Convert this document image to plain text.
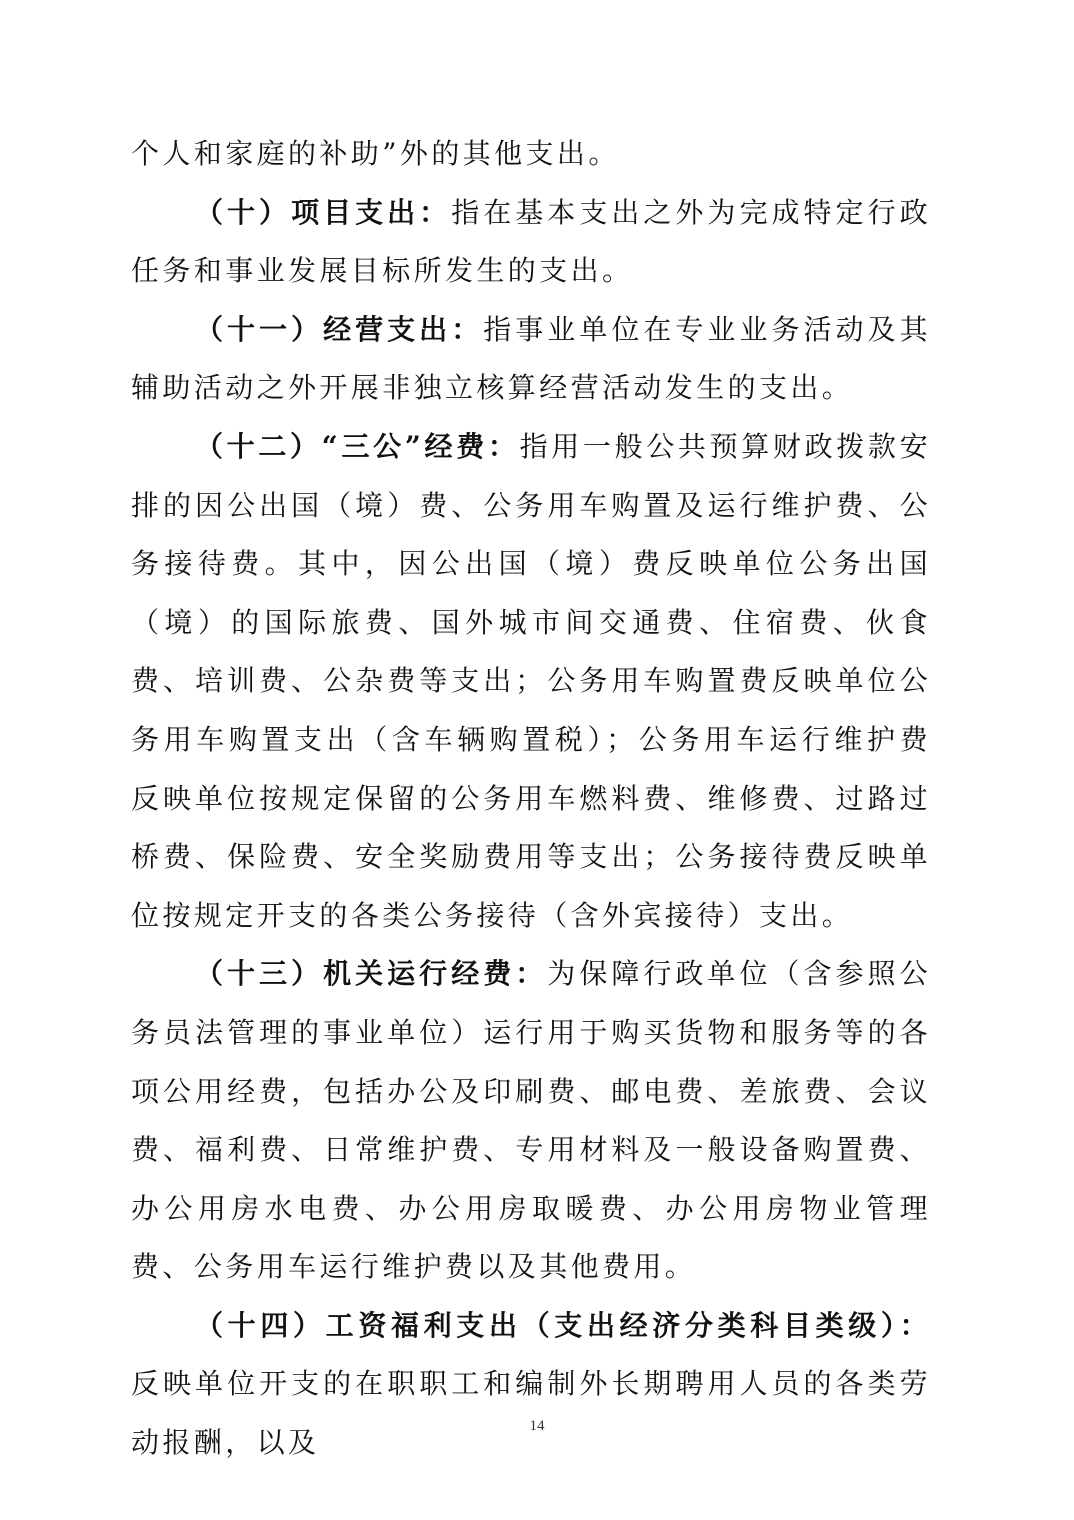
个人和家庭的补助”外的其他支出。

（十）项目支出：指在基本支出之外为完成特定行政任务和事业发展目标所发生的支出。

（十一）经营支出：指事业单位在专业业务活动及其辅助活动之外开展非独立核算经营活动发生的支出。

（十二）“三公”经费：指用一般公共预算财政拨款安排的因公出国（境）费、公务用车购置及运行维护费、公务接待费。其中，因公出国（境）费反映单位公务出国（境）的国际旅费、国外城市间交通费、住宿费、伙食费、培训费、公杂费等支出；公务用车购置费反映单位公务用车购置支出（含车辆购置税）；公务用车运行维护费反映单位按规定保留的公务用车燃料费、维修费、过路过桥费、保险费、安全奖励费用等支出；公务接待费反映单位按规定开支的各类公务接待（含外宾接待）支出。

（十三）机关运行经费：为保障行政单位（含参照公务员法管理的事业单位）运行用于购买货物和服务等的各项公用经费，包括办公及印刷费、邮电费、差旅费、会议费、福利费、日常维护费、专用材料及一般设备购置费、办公用房水电费、办公用房取暖费、办公用房物业管理费、公务用车运行维护费以及其他费用。

（十四）工资福利支出（支出经济分类科目类级）：反映单位开支的在职职工和编制外长期聘用人员的各类劳动报酬，以及

14
